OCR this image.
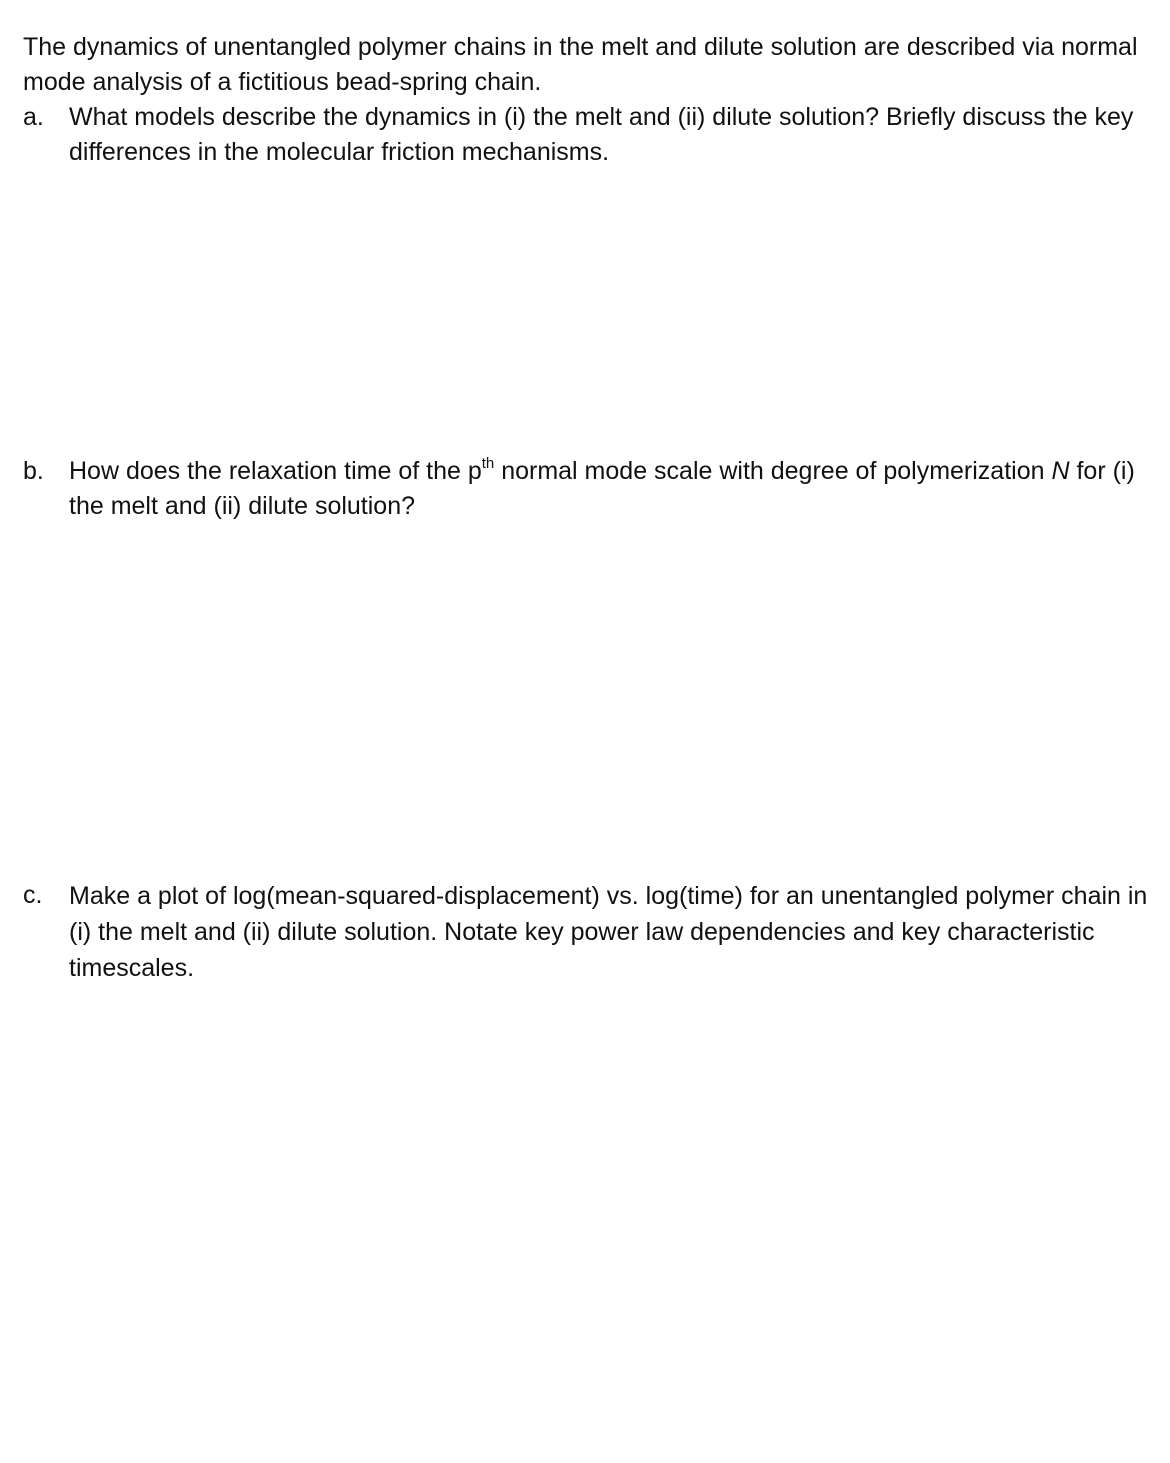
The dynamics of unentangled polymer chains in the melt and dilute solution are described via normal mode analysis of a fictitious bead-spring chain.

a. What models describe the dynamics in (i) the melt and (ii) dilute solution? Briefly discuss the key differences in the molecular friction mechanisms.
b. How does the relaxation time of the $p^{th}$ normal mode scale with degree of polymerization N for (i) the melt and (ii) dilute solution?
c. Make a plot of log(mean-squared-displacement) vs. log(time) for an unentangled polymer chain in (i) the melt and (ii) dilute solution. Notate key power law dependencies and key characteristic timescales.
